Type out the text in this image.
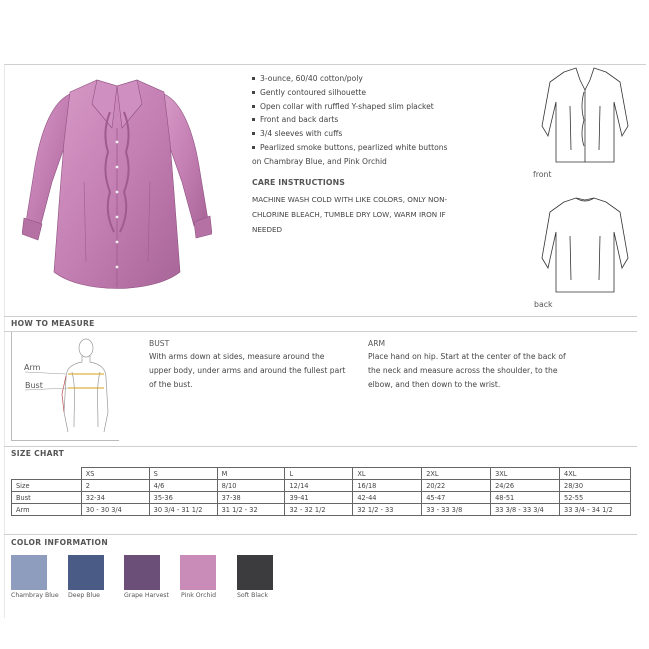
3-ounce, 60/40 cotton/poly
Gently contoured silhouette
Open collar with ruffled Y-shaped slim placket
Front and back darts
3/4 sleeves with cuffs
Pearlized smoke buttons, pearlized white buttons
on Chambray Blue, and Pink Orchid
CARE INSTRUCTIONS
MACHINE WASH COLD WITH LIKE COLORS, ONLY NON-
CHLORINE BLEACH, TUMBLE DRY LOW, WARM IRON IF
NEEDED
front
back
HOW TO MEASURE
Arm
Bust
BUST
With arms down at sides, measure around the
upper body, under arms and around the fullest part
of the bust.
ARM
Place hand on hip. Start at the center of the back of
the neck and measure across the shoulder, to the
elbow, and then down to the wrist.
SIZE CHART
	XS	S	M	L	XL	2XL	3XL	4XL
Size	2	4/6	8/10	12/14	16/18	20/22	24/26	28/30
Bust	32-34	35-36	37-38	39-41	42-44	45-47	48-51	52-55
Arm	30 - 30 3/4	30 3/4 - 31 1/2	31 1/2 - 32	32 - 32 1/2	32 1/2 - 33	33 - 33 3/8	33 3/8 - 33 3/4	33 3/4 - 34 1/2
COLOR INFORMATION
Chambray Blue Deep Blue	Grape Harvest Pink Orchid	Soft Black
